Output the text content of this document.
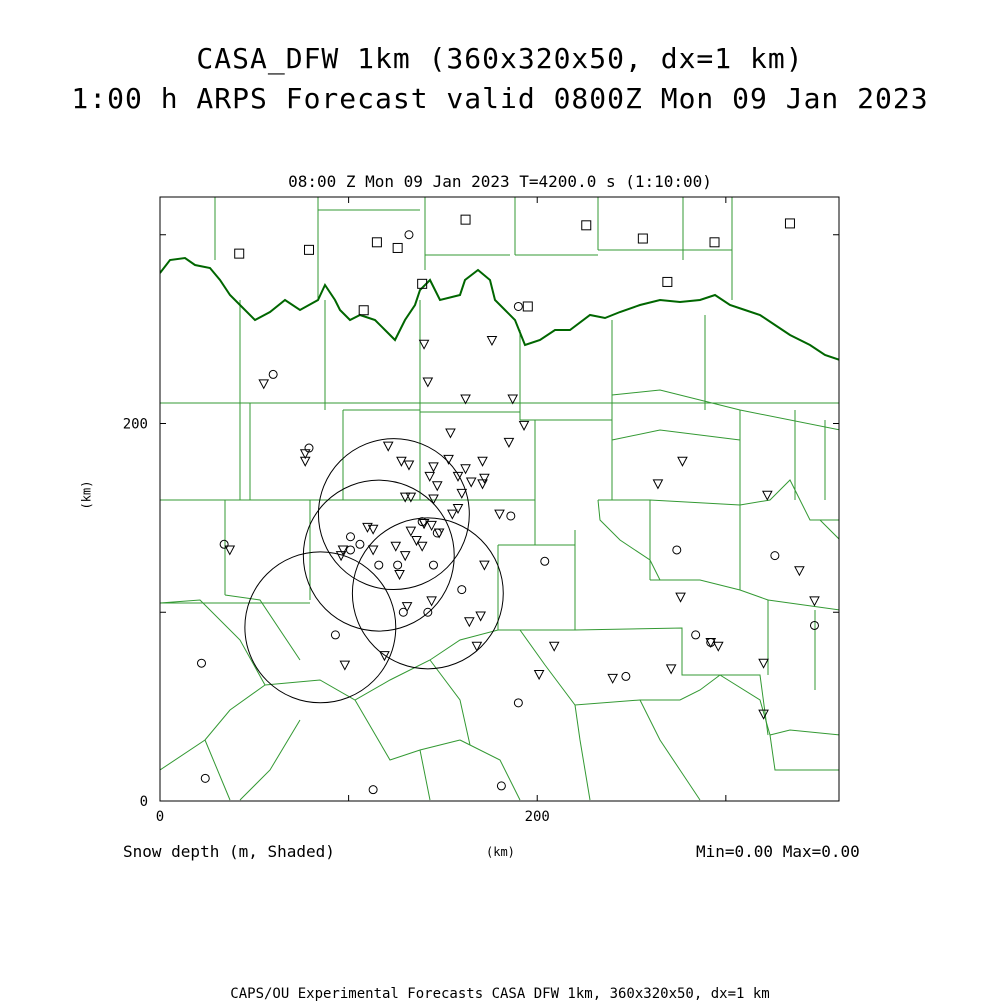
CASA_DFW 1km (360x320x50, dx=1 km)
1:00 h ARPS Forecast valid 0800Z Mon 09 Jan 2023
08:00 Z Mon 09 Jan 2023 T=4200.0 s (1:10:00)
0	200
0
200
(km)
Snow depth (m, Shaded)	(km)	Min=0.00 Max=0.00
CAPS/OU Experimental Forecasts CASA DFW 1km, 360x320x50, dx=1 km
